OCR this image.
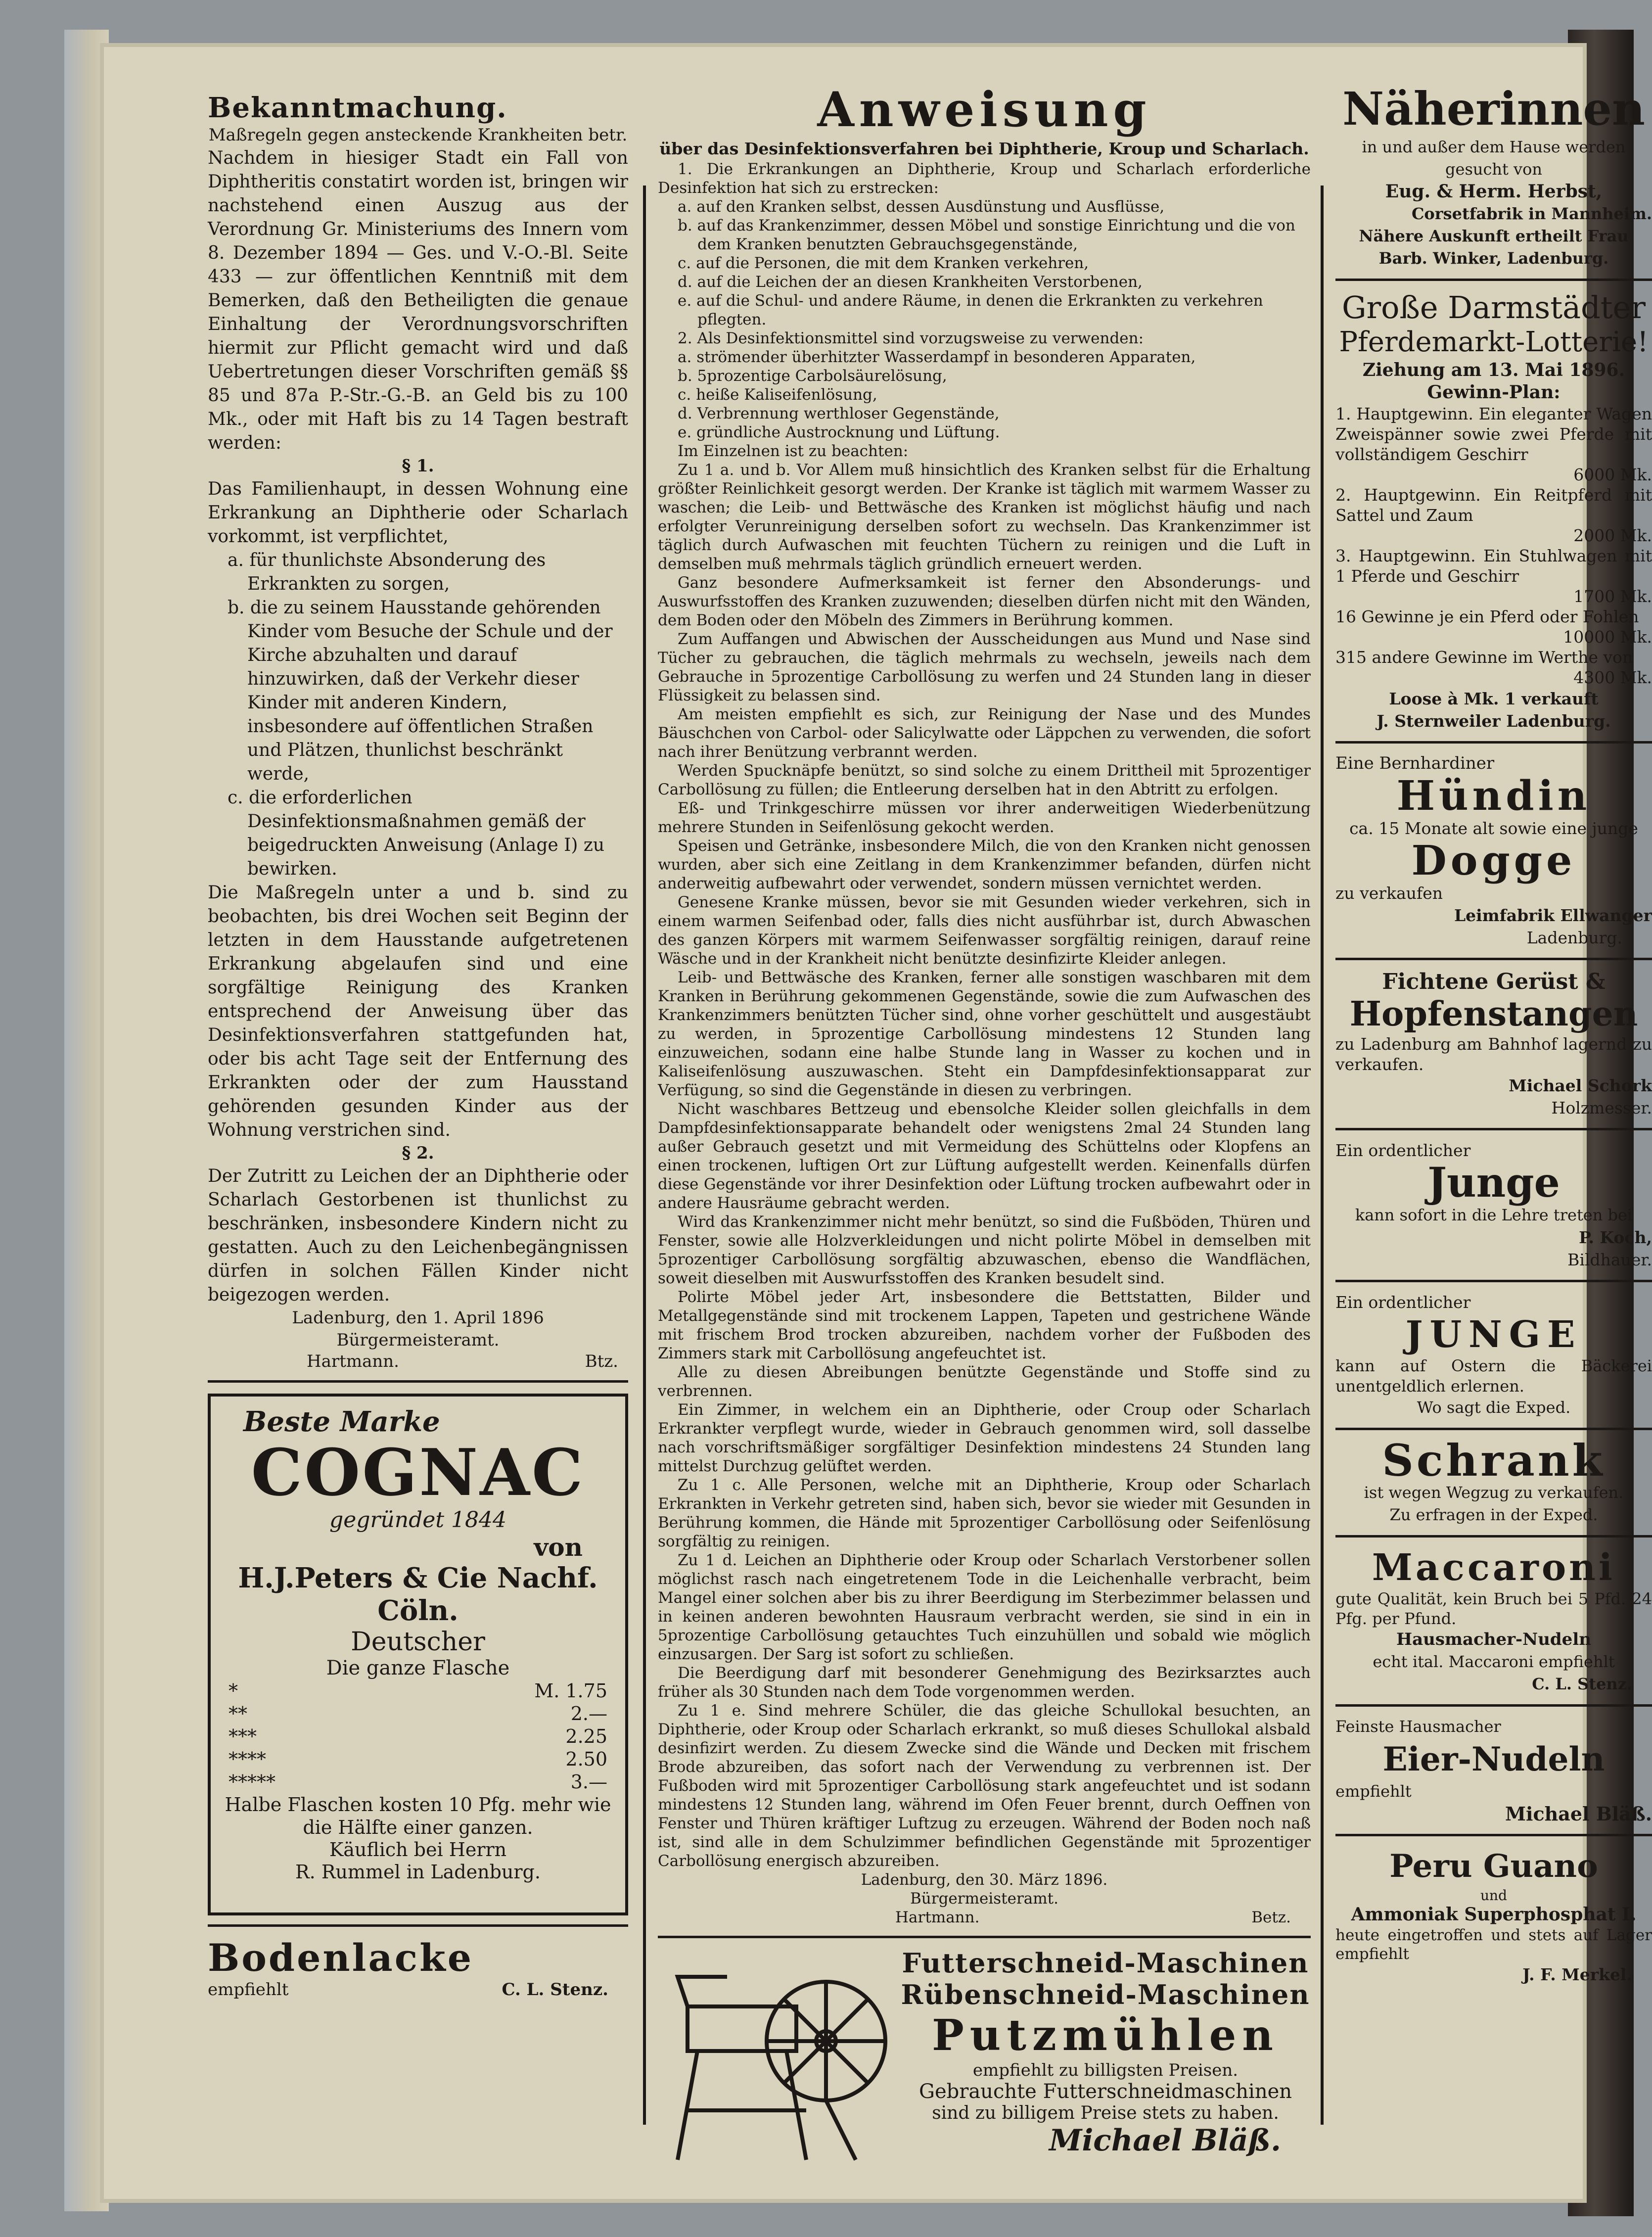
Bekanntmachung.

Maßregeln gegen ansteckende Krankheiten betr.

Nachdem in hiesiger Stadt ein Fall von Diphtheritis constatirt worden ist, bringen wir nachstehend einen Auszug aus der Verordnung Gr. Ministeriums des Innern vom 8. Dezember 1894 — Ges. und V.-O.-Bl. Seite 433 — zur öffentlichen Kenntniß mit dem Bemerken, daß den Betheiligten die genaue Einhaltung der Verordnungsvorschriften hiermit zur Pflicht gemacht wird und daß Uebertretungen dieser Vorschriften gemäß §§ 85 und 87a P.-Str.-G.-B. an Geld bis zu 100 Mk., oder mit Haft bis zu 14 Tagen bestraft werden:

§ 1.

Das Familienhaupt, in dessen Wohnung eine Erkrankung an Diphtherie oder Scharlach vorkommt, ist verpflichtet,

a. für thunlichste Absonderung des Erkrankten zu sorgen,

b. die zu seinem Hausstande gehörenden Kinder vom Besuche der Schule und der Kirche abzuhalten und darauf hinzuwirken, daß der Verkehr dieser Kinder mit anderen Kindern, insbesondere auf öffentlichen Straßen und Plätzen, thunlichst beschränkt werde,

c. die erforderlichen Desinfektionsmaßnahmen gemäß der beigedruckten Anweisung (Anlage I) zu bewirken.

Die Maßregeln unter a und b. sind zu beobachten, bis drei Wochen seit Beginn der letzten in dem Hausstande aufgetretenen Erkrankung abgelaufen sind und eine sorgfältige Reinigung des Kranken entsprechend der Anweisung über das Desinfektionsverfahren stattgefunden hat, oder bis acht Tage seit der Entfernung des Erkrankten oder der zum Hausstand gehörenden gesunden Kinder aus der Wohnung verstrichen sind.

§ 2.

Der Zutritt zu Leichen der an Diphtherie oder Scharlach Gestorbenen ist thunlichst zu beschränken, insbesondere Kindern nicht zu gestatten. Auch zu den Leichenbegängnissen dürfen in solchen Fällen Kinder nicht beigezogen werden.

Ladenburg, den 1. April 1896

Bürgermeisteramt.

Hartmann.	Btz.
Beste Marke
COGNAC
gegründet 1844
von
H.J.Peters & Cie Nachf.
Cöln.
Deutscher
Die ganze Flasche
*	M. 1.75
**	2.—
***	2.25
****	2.50
*****	3.—

Halbe Flaschen kosten 10 Pfg. mehr wie die Hälfte einer ganzen.

Käuflich bei Herrn

R. Rummel in Ladenburg.

Bodenlacke
empfiehlt	C. L. Stenz.
Anweisung

über das Desinfektionsverfahren bei Diphtherie, Kroup und Scharlach.

1. Die Erkrankungen an Diphtherie, Kroup und Scharlach erforderliche Desinfektion hat sich zu erstrecken:

a. auf den Kranken selbst, dessen Ausdünstung und Ausflüsse,

b. auf das Krankenzimmer, dessen Möbel und sonstige Einrichtung und die von dem Kranken benutzten Gebrauchsgegenstände,

c. auf die Personen, die mit dem Kranken verkehren,

d. auf die Leichen der an diesen Krankheiten Verstorbenen,

e. auf die Schul- und andere Räume, in denen die Erkrankten zu verkehren pflegten.

2. Als Desinfektionsmittel sind vorzugsweise zu verwenden:

a. strömender überhitzter Wasserdampf in besonderen Apparaten,

b. 5prozentige Carbolsäurelösung,

c. heiße Kaliseifenlösung,

d. Verbrennung werthloser Gegenstände,

e. gründliche Austrocknung und Lüftung.

Im Einzelnen ist zu beachten:

Zu 1 a. und b. Vor Allem muß hinsichtlich des Kranken selbst für die Erhaltung größter Reinlichkeit gesorgt werden. Der Kranke ist täglich mit warmem Wasser zu waschen; die Leib- und Bettwäsche des Kranken ist möglichst häufig und nach erfolgter Verunreinigung derselben sofort zu wechseln. Das Krankenzimmer ist täglich durch Aufwaschen mit feuchten Tüchern zu reinigen und die Luft in demselben muß mehrmals täglich gründlich erneuert werden.

Ganz besondere Aufmerksamkeit ist ferner den Absonderungs- und Auswurfsstoffen des Kranken zuzuwenden; dieselben dürfen nicht mit den Wänden, dem Boden oder den Möbeln des Zimmers in Berührung kommen.

Zum Auffangen und Abwischen der Ausscheidungen aus Mund und Nase sind Tücher zu gebrauchen, die täglich mehrmals zu wechseln, jeweils nach dem Gebrauche in 5prozentige Carbollösung zu werfen und 24 Stunden lang in dieser Flüssigkeit zu belassen sind.

Am meisten empfiehlt es sich, zur Reinigung der Nase und des Mundes Bäuschchen von Carbol- oder Salicylwatte oder Läppchen zu verwenden, die sofort nach ihrer Benützung verbrannt werden.

Werden Spucknäpfe benützt, so sind solche zu einem Drittheil mit 5prozentiger Carbollösung zu füllen; die Entleerung derselben hat in den Abtritt zu erfolgen.

Eß- und Trinkgeschirre müssen vor ihrer anderweitigen Wiederbenützung mehrere Stunden in Seifenlösung gekocht werden.

Speisen und Getränke, insbesondere Milch, die von den Kranken nicht genossen wurden, aber sich eine Zeitlang in dem Krankenzimmer befanden, dürfen nicht anderweitig aufbewahrt oder verwendet, sondern müssen vernichtet werden.

Genesene Kranke müssen, bevor sie mit Gesunden wieder verkehren, sich in einem warmen Seifenbad oder, falls dies nicht ausführbar ist, durch Abwaschen des ganzen Körpers mit warmem Seifenwasser sorgfältig reinigen, darauf reine Wäsche und in der Krankheit nicht benützte desinfizirte Kleider anlegen.

Leib- und Bettwäsche des Kranken, ferner alle sonstigen waschbaren mit dem Kranken in Berührung gekommenen Gegenstände, sowie die zum Aufwaschen des Krankenzimmers benützten Tücher sind, ohne vorher geschüttelt und ausgestäubt zu werden, in 5prozentige Carbollösung mindestens 12 Stunden lang einzuweichen, sodann eine halbe Stunde lang in Wasser zu kochen und in Kaliseifenlösung auszuwaschen. Steht ein Dampfdesinfektionsapparat zur Verfügung, so sind die Gegenstände in diesen zu verbringen.

Nicht waschbares Bettzeug und ebensolche Kleider sollen gleichfalls in dem Dampfdesinfektionsapparate behandelt oder wenigstens 2mal 24 Stunden lang außer Gebrauch gesetzt und mit Vermeidung des Schüttelns oder Klopfens an einen trockenen, luftigen Ort zur Lüftung aufgestellt werden. Keinenfalls dürfen diese Gegenstände vor ihrer Desinfektion oder Lüftung trocken aufbewahrt oder in andere Hausräume gebracht werden.

Wird das Krankenzimmer nicht mehr benützt, so sind die Fußböden, Thüren und Fenster, sowie alle Holzverkleidungen und nicht polirte Möbel in demselben mit 5prozentiger Carbollösung sorgfältig abzuwaschen, ebenso die Wandflächen, soweit dieselben mit Auswurfsstoffen des Kranken besudelt sind.

Polirte Möbel jeder Art, insbesondere die Bettstatten, Bilder und Metallgegenstände sind mit trockenem Lappen, Tapeten und gestrichene Wände mit frischem Brod trocken abzureiben, nachdem vorher der Fußboden des Zimmers stark mit Carbollösung angefeuchtet ist.

Alle zu diesen Abreibungen benützte Gegenstände und Stoffe sind zu verbrennen.

Ein Zimmer, in welchem ein an Diphtherie, oder Croup oder Scharlach Erkrankter verpflegt wurde, wieder in Gebrauch genommen wird, soll dasselbe nach vorschriftsmäßiger sorgfältiger Desinfektion mindestens 24 Stunden lang mittelst Durchzug gelüftet werden.

Zu 1 c. Alle Personen, welche mit an Diphtherie, Kroup oder Scharlach Erkrankten in Verkehr getreten sind, haben sich, bevor sie wieder mit Gesunden in Berührung kommen, die Hände mit 5prozentiger Carbollösung oder Seifenlösung sorgfältig zu reinigen.

Zu 1 d. Leichen an Diphtherie oder Kroup oder Scharlach Verstorbener sollen möglichst rasch nach eingetretenem Tode in die Leichenhalle verbracht, beim Mangel einer solchen aber bis zu ihrer Beerdigung im Sterbezimmer belassen und in keinen anderen bewohnten Hausraum verbracht werden, sie sind in ein in 5prozentige Carbollösung getauchtes Tuch einzuhüllen und sobald wie möglich einzusargen. Der Sarg ist sofort zu schließen.

Die Beerdigung darf mit besonderer Genehmigung des Bezirksarztes auch früher als 30 Stunden nach dem Tode vorgenommen werden.

Zu 1 e. Sind mehrere Schüler, die das gleiche Schullokal besuchten, an Diphtherie, oder Kroup oder Scharlach erkrankt, so muß dieses Schullokal alsbald desinfizirt werden. Zu diesem Zwecke sind die Wände und Decken mit frischem Brode abzureiben, das sofort nach der Verwendung zu verbrennen ist. Der Fußboden wird mit 5prozentiger Carbollösung stark angefeuchtet und ist sodann mindestens 12 Stunden lang, während im Ofen Feuer brennt, durch Oeffnen von Fenster und Thüren kräftiger Luftzug zu erzeugen. Während der Boden noch naß ist, sind alle in dem Schulzimmer befindlichen Gegenstände mit 5prozentiger Carbollösung energisch abzureiben.

Ladenburg, den 30. März 1896.

Bürgermeisteramt.

Hartmann.	Betz.
Futterschneid-Maschinen
Rübenschneid-Maschinen
Putzmühlen
empfiehlt zu billigsten Preisen.
Gebrauchte Futterschneidmaschinen
sind zu billigem Preise stets zu haben.
Michael Bläß.
Näherinnen

in und außer dem Hause werden gesucht von

Eug. & Herm. Herbst,

Corsetfabrik in Mannheim.

Nähere Auskunft ertheilt Frau Barb. Winker, Ladenburg.

Große Darmstädter
Pferdemarkt-Lotterie!

Ziehung am 13. Mai 1896.

Gewinn-Plan:

1. Hauptgewinn. Ein eleganter Wagen Zweispänner sowie zwei Pferde mit vollständigem Geschirr

6000 Mk.

2. Hauptgewinn. Ein Reitpferd mit Sattel und Zaum

2000 Mk.

3. Hauptgewinn. Ein Stuhlwagen mit 1 Pferde und Geschirr

1700 Mk.

16 Gewinne je ein Pferd oder Fohlen

10000 Mk.

315 andere Gewinne im Werthe von

4300 Mk.

Loose à Mk. 1 verkauft

J. Sternweiler Ladenburg.

Eine Bernhardiner

Hündin

ca. 15 Monate alt sowie eine junge

Dogge

zu verkaufen

Leimfabrik Ellwanger

Ladenburg.

Fichtene Gerüst &
Hopfenstangen

zu Ladenburg am Bahnhof lagernd zu verkaufen.

Michael Schork

Holzmesser.

Ein ordentlicher

Junge

kann sofort in die Lehre treten bei

P. Koch,

Bildhauer.

Ein ordentlicher

JUNGE

kann auf Ostern die Bäckerei unentgeldlich erlernen.

Wo sagt die Exped.

Schrank

ist wegen Wegzug zu verkaufen.

Zu erfragen in der Exped.

Maccaroni

gute Qualität, kein Bruch bei 5 Pfd. 24 Pfg. per Pfund.

Hausmacher-Nudeln

echt ital. Maccaroni empfiehlt

C. L. Stenz.

Feinste Hausmacher

Eier-Nudeln

empfiehlt

Michael Bläß.

Peru Guano

und

Ammoniak Superphosphat I.

heute eingetroffen und stets auf Lager empfiehlt

J. F. Merkel.
